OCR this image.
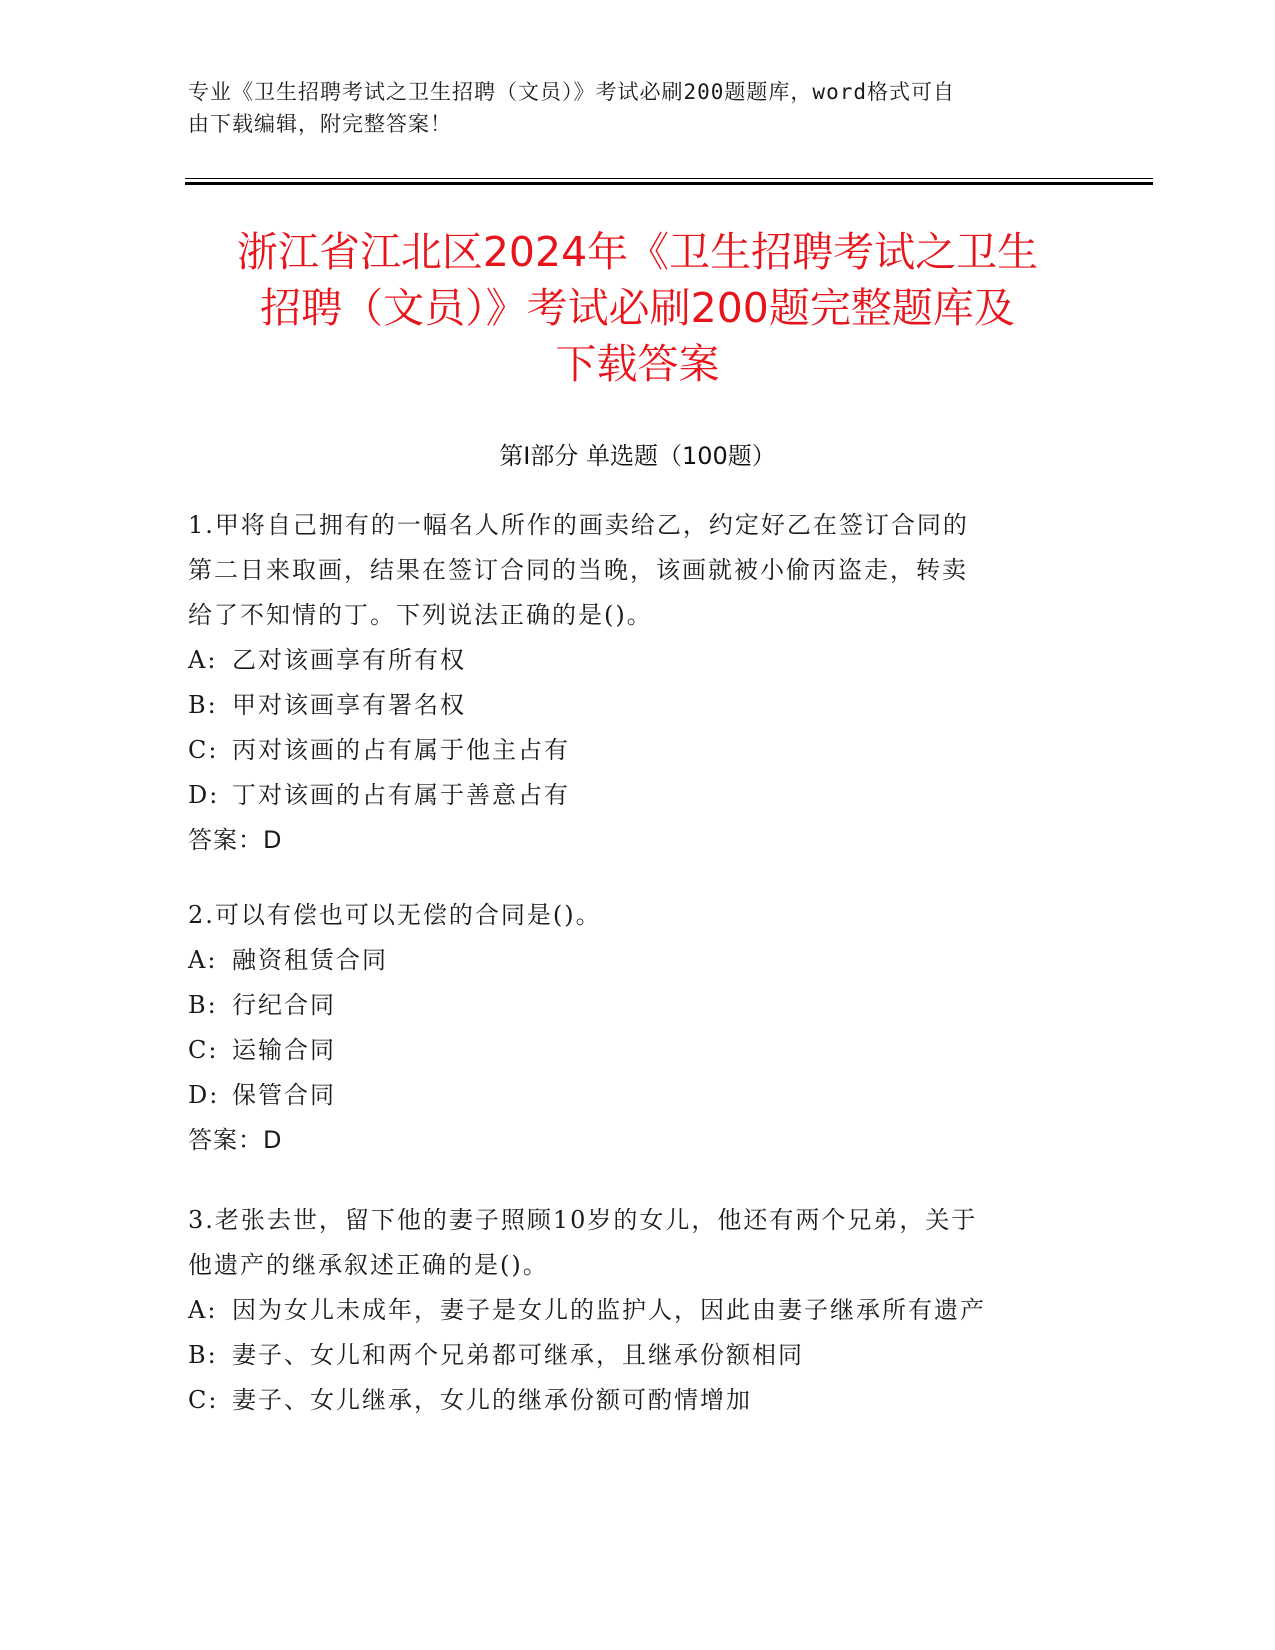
专业《卫生招聘考试之卫生招聘（文员）》考试必刷200题题库，word格式可自
由下载编辑，附完整答案！
浙江省江北区2024年《卫生招聘考试之卫生
招聘（文员）》考试必刷200题完整题库及
下载答案
第Ⅰ部分 单选题（100题）

1.甲将自己拥有的一幅名人所作的画卖给乙，约定好乙在签订合同的

第二日来取画，结果在签订合同的当晚，该画就被小偷丙盗走，转卖

给了不知情的丁。下列说法正确的是()。

A: 乙对该画享有所有权

B: 甲对该画享有署名权

C: 丙对该画的占有属于他主占有

D: 丁对该画的占有属于善意占有

答案：D

2.可以有偿也可以无偿的合同是()。

A: 融资租赁合同

B: 行纪合同

C: 运输合同

D: 保管合同

答案：D

3.老张去世，留下他的妻子照顾10岁的女儿，他还有两个兄弟，关于

他遗产的继承叙述正确的是()。

A: 因为女儿未成年，妻子是女儿的监护人，因此由妻子继承所有遗产

B: 妻子、女儿和两个兄弟都可继承，且继承份额相同

C: 妻子、女儿继承，女儿的继承份额可酌情增加
